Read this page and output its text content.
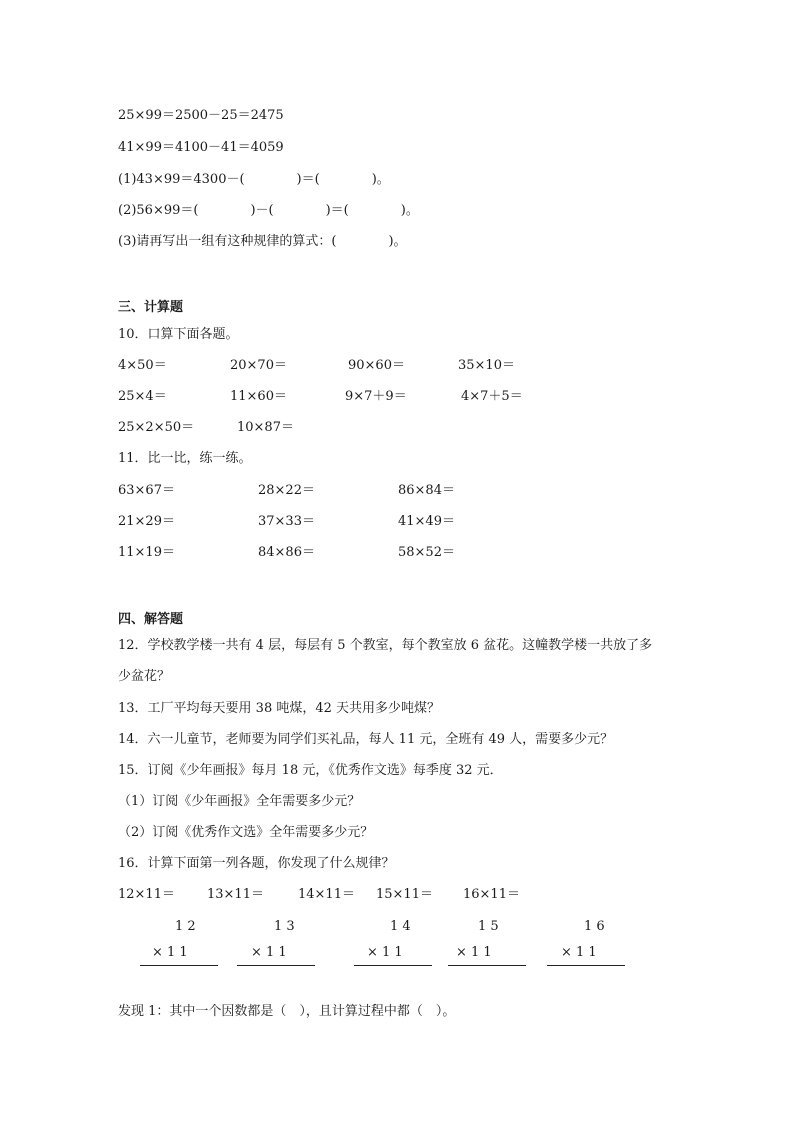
25×99＝2500－25＝2475
41×99＝4100－41＝4059
(1)43×99＝4300－(　　　　)＝(　　　　)。
(2)56×99＝(　　　　)－(　　　　)＝(　　　　)。
(3)请再写出一组有这种规律的算式：(　　　　)。
三、计算题
10．口算下面各题。
4×50＝	20×70＝	90×60＝	35×10＝
25×4＝	11×60＝	9×7＋9＝	4×7＋5＝
25×2×50＝	10×87＝
11．比一比，练一练。
63×67＝	28×22＝	86×84＝
21×29＝	37×33＝	41×49＝
11×19＝	84×86＝	58×52＝
四、解答题
12．学校教学楼一共有 4 层，每层有 5 个教室，每个教室放 6 盆花。这幢教学楼一共放了多
少盆花？
13．工厂平均每天要用 38 吨煤，42 天共用多少吨煤？
14．六一儿童节，老师要为同学们买礼品，每人 11 元，全班有 49 人，需要多少元？
15．订阅《少年画报》每月 18 元，《优秀作文选》每季度 32 元．
（1）订阅《少年画报》全年需要多少元？
（2）订阅《优秀作文选》全年需要多少元？
16．计算下面第一列各题，你发现了什么规律？
12×11＝ 13×11＝	14×11＝ 15×11＝ 16×11＝
1 2
× 1 1
1 3
× 1 1
1 4
× 1 1
1 5
× 1 1
1 6
× 1 1
发现 1：其中一个因数都是（　），且计算过程中都（　）。
